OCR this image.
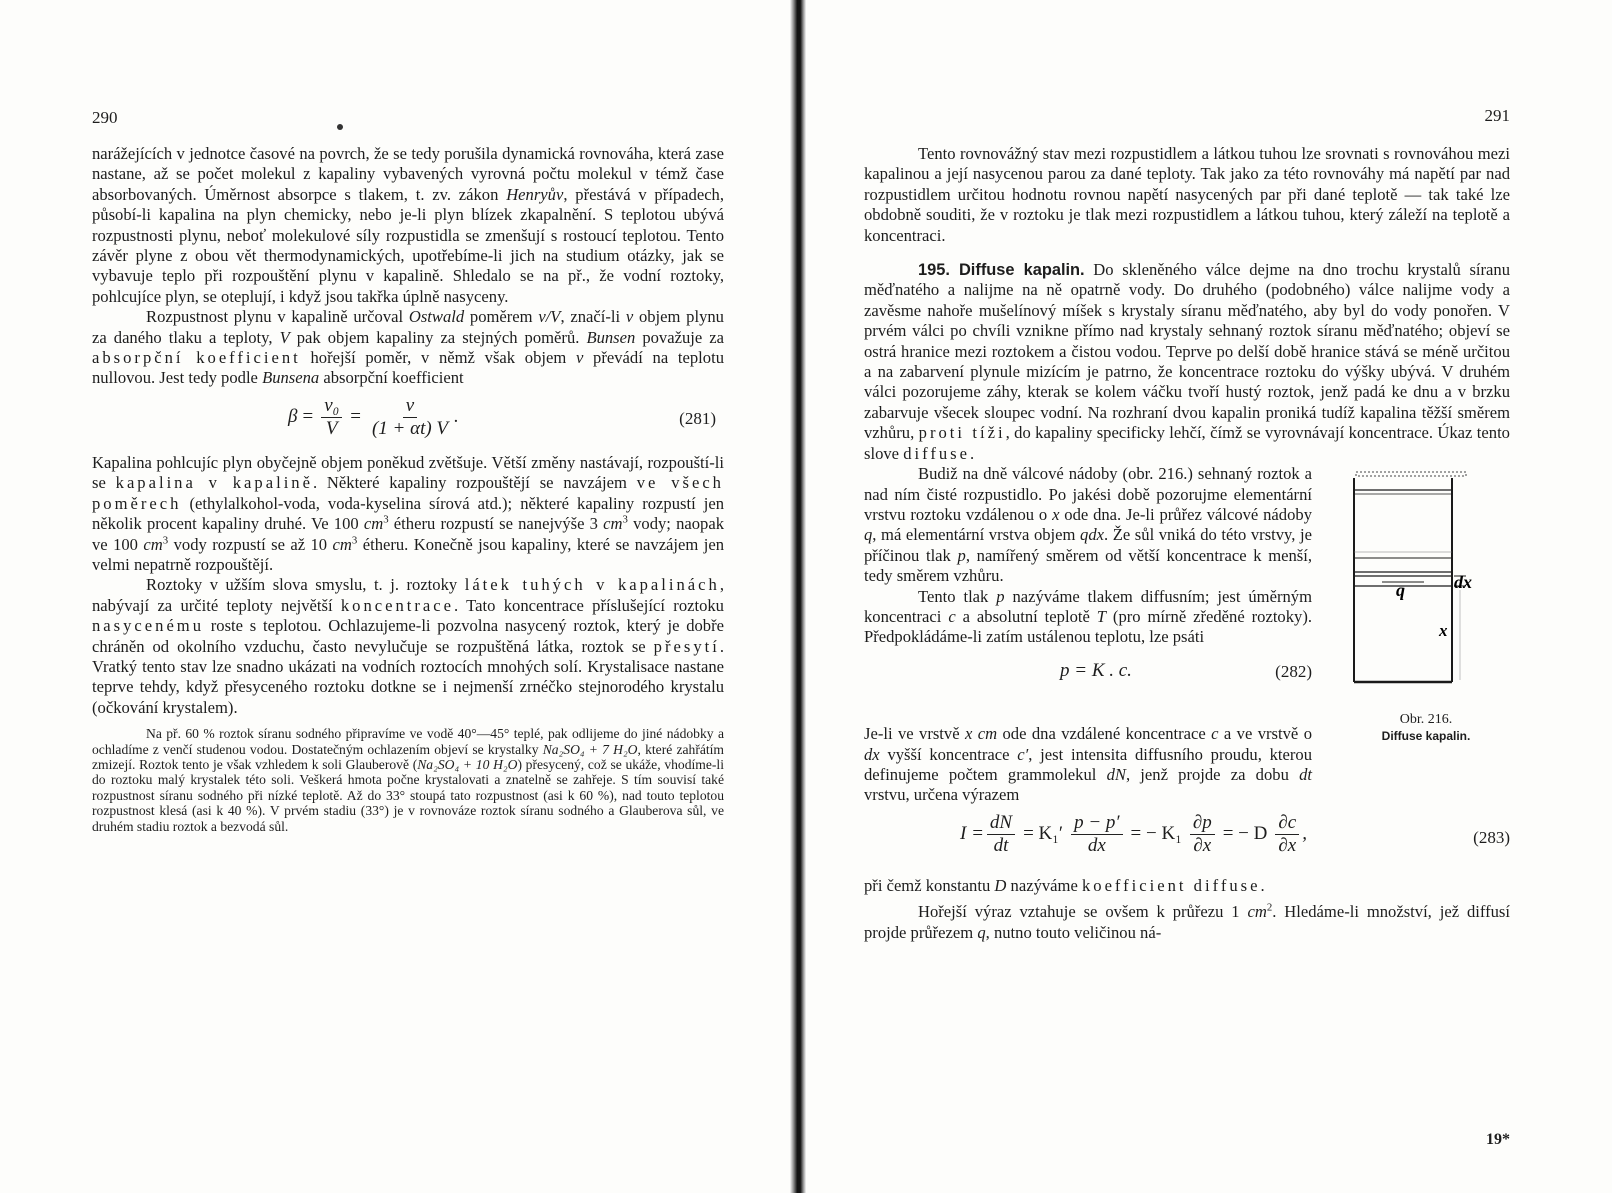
290

narážejících v jednotce časové na povrch, že se tedy porušila dynamická rovnováha, která zase nastane, až se počet molekul z kapaliny vybavených vyrovná počtu molekul v témž čase absorbovaných. Úměrnost absorpce s tlakem, t. zv. zákon Henryův, přestává v případech, působí-li kapalina na plyn chemicky, nebo je-li plyn blízek zkapalnění. S teplotou ubývá rozpustnosti plynu, neboť molekulové síly rozpustidla se zmenšují s rostoucí teplotou. Tento závěr plyne z obou vět thermodynamických, upotřebíme-li jich na studium otázky, jak se vybavuje teplo při rozpouštění plynu v kapalině. Shledalo se na př., že vodní roztoky, pohlcujíce plyn, se oteplují, i když jsou takřka úplně nasyceny.

Rozpustnost plynu v kapalině určoval Ostwald poměrem v/V, značí-li v objem plynu za daného tlaku a teploty, V pak objem kapaliny za stejných poměrů. Bunsen považuje za absorpční koefficient hořejší poměr, v němž však objem v převádí na teplotu nullovou. Jest tedy podle Bunsena absorpční koefficient

$\beta = \frac{\text{v₀}}{V} = \frac{v}{(1 + \alpha t) V}$ .	(281)

Kapalina pohlcujíc plyn obyčejně objem poněkud zvětšuje. Větší změny nastávají, rozpouští-li se kapalina v kapalině. Některé kapaliny rozpouštějí se navzájem ve všech poměrech (ethylalkohol-voda, voda-kyselina sírová atd.); některé kapaliny rozpustí jen několik procent kapaliny druhé. Ve 100 $cm^3$ étheru rozpustí se nanejvýše 3 $cm^3$ vody; naopak ve 100 $cm^3$ vody rozpustí se až 10 $cm^3$ étheru. Konečně jsou kapaliny, které se navzájem jen velmi nepatrně rozpouštějí.

Roztoky v užším slova smyslu, t. j. roztoky látek tuhých v kapalinách, nabývají za určité teploty největší koncentrace. Tato koncentrace příslušející roztoku nasycenému roste s teplotou. Ochlazujeme-li pozvolna nasycený roztok, který je dobře chráněn od okolního vzduchu, často nevylučuje se rozpuštěná látka, roztok se přesytí. Vratký tento stav lze snadno ukázati na vodních roztocích mnohých solí. Krystalisace nastane teprve tehdy, když přesyceného roztoku dotkne se i nejmenší zrnéčko stejnorodého krystalu (očkování krystalem).

Na př. 60 % roztok síranu sodného připravíme ve vodě 40°—45° teplé, pak odlijeme do jiné nádobky a ochladíme z venčí studenou vodou. Dostatečným ochlazením objeví se krystalky Na₂SO₄ + 7 H₂O, které zahřátím zmizejí. Roztok tento je však vzhledem k soli Glauberově (Na₂SO₄ + 10 H₂O) přesycený, což se ukáže, vhodíme-li do roztoku malý krystalek této soli. Veškerá hmota počne krystalovati a znatelně se zahřeje. S tím souvisí také rozpustnost síranu sodného při nízké teplotě. Až do 33° stoupá tato rozpustnost (asi k 60 %), nad touto teplotou rozpustnost klesá (asi k 40 %). V prvém stadiu (33°) je v rovnováze roztok síranu sodného a Glauberova sůl, ve druhém stadiu roztok a bezvodá sůl.

291

Tento rovnovážný stav mezi rozpustidlem a látkou tuhou lze srovnati s rovnováhou mezi kapalinou a její nasycenou parou za dané teploty. Tak jako za této rovnováhy má napětí par nad rozpustidlem určitou hodnotu rovnou napětí nasycených par při dané teplotě — tak také lze obdobně souditi, že v roztoku je tlak mezi rozpustidlem a látkou tuhou, který záleží na teplotě a koncentraci.

195. Diffuse kapalin. Do skleněného válce dejme na dno trochu krystalů síranu měďnatého a nalijme na ně opatrně vody. Do druhého (podobného) válce nalijme vody a zavěsme nahoře mušelínový míšek s krystaly síranu měďnatého, aby byl do vody ponořen. V prvém válci po chvíli vznikne přímo nad krystaly sehnaný roztok síranu měďnatého; objeví se ostrá hranice mezi roztokem a čistou vodou. Teprve po delší době hranice stává se méně určitou a na zabarvení plynule mizícím je patrno, že koncentrace roztoku do výšky ubývá. V druhém válci pozorujeme záhy, kterak se kolem váčku tvoří hustý roztok, jenž padá ke dnu a v brzku zabarvuje všecek sloupec vodní. Na rozhraní dvou kapalin proniká tudíž kapalina těžší směrem vzhůru, proti tíži, do kapaliny specificky lehčí, čímž se vyrovnávají koncentrace. Úkaz tento slove diffuse.

Budiž na dně válcové nádoby (obr. 216.) sehnaný roztok a nad ním čisté rozpustidlo. Po jakési době pozorujme elementární vrstvu roztoku vzdálenou o x ode dna. Je-li průřez válcové nádoby q, má elementární vrstva objem qdx. Že sůl vniká do této vrstvy, je příčinou tlak p, namířený směrem od větší koncentrace k menší, tedy směrem vzhůru.

Tento tlak p nazýváme tlakem diffusním; jest úměrným koncentraci c a absolutní teplotě T (pro mírně zředěné roztoky). Předpokládáme-li zatím ustálenou teplotu, lze psáti

p = K . c.	(282)
dx
q
x
Obr. 216.
Diffuse kapalin.

Je-li ve vrstvě x cm ode dna vzdálené koncentrace c a ve vrstvě o dx vyšší koncentrace c′, jest intensita diffusního proudu, kterou definujeme počtem grammolekul dN, jenž projde za dobu dt vrstvu, určena výrazem

$I = \frac{dN}{dt} = K_1' \frac{p - p'}{dx}$ = − $K_1 \frac{\partial p}{\partial x}$ = − D $\frac{\partial c}{\partial x}$ ,	(283)

při čemž konstantu D nazýváme koefficient diffuse.

Hořejší výraz vztahuje se ovšem k průřezu 1 $cm^2$. Hledáme-li množství, jež diffusí projde průřezem q, nutno touto veličinou ná-

19*
